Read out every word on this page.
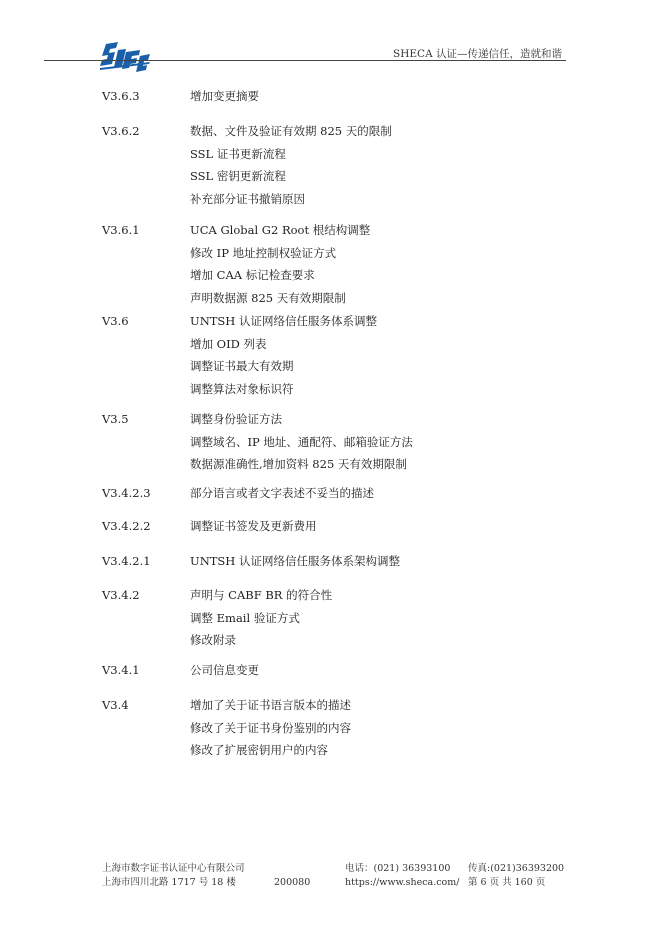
SHECA 认证—传递信任，造就和谐
V3.6.3	增加变更摘要
V3.6.2	数据、文件及验证有效期 825 天的限制
SSL 证书更新流程
SSL 密钥更新流程
补充部分证书撤销原因
V3.6.1	UCA Global G2 Root 根结构调整
修改 IP 地址控制权验证方式
增加 CAA 标记检查要求
声明数据源 825 天有效期限制
V3.6	UNTSH 认证网络信任服务体系调整
增加 OID 列表
调整证书最大有效期
调整算法对象标识符
V3.5	调整身份验证方法
调整域名、IP 地址、通配符、邮箱验证方法
数据源准确性,增加资料 825 天有效期限制
V3.4.2.3	部分语言或者文字表述不妥当的描述
V3.4.2.2	调整证书签发及更新费用
V3.4.2.1	UNTSH 认证网络信任服务体系架构调整
V3.4.2	声明与 CABF BR 的符合性
调整 Email 验证方式
修改附录
V3.4.1	公司信息变更
V3.4	增加了关于证书语言版本的描述
修改了关于证书身份鉴别的内容
修改了扩展密钥用户的内容
上海市数字证书认证中心有限公司
上海市四川北路 1717 号 18 楼	200080
电话：(021) 36393100
https://www.sheca.com/
传真:(021)36393200
第 6 页 共 160 页
